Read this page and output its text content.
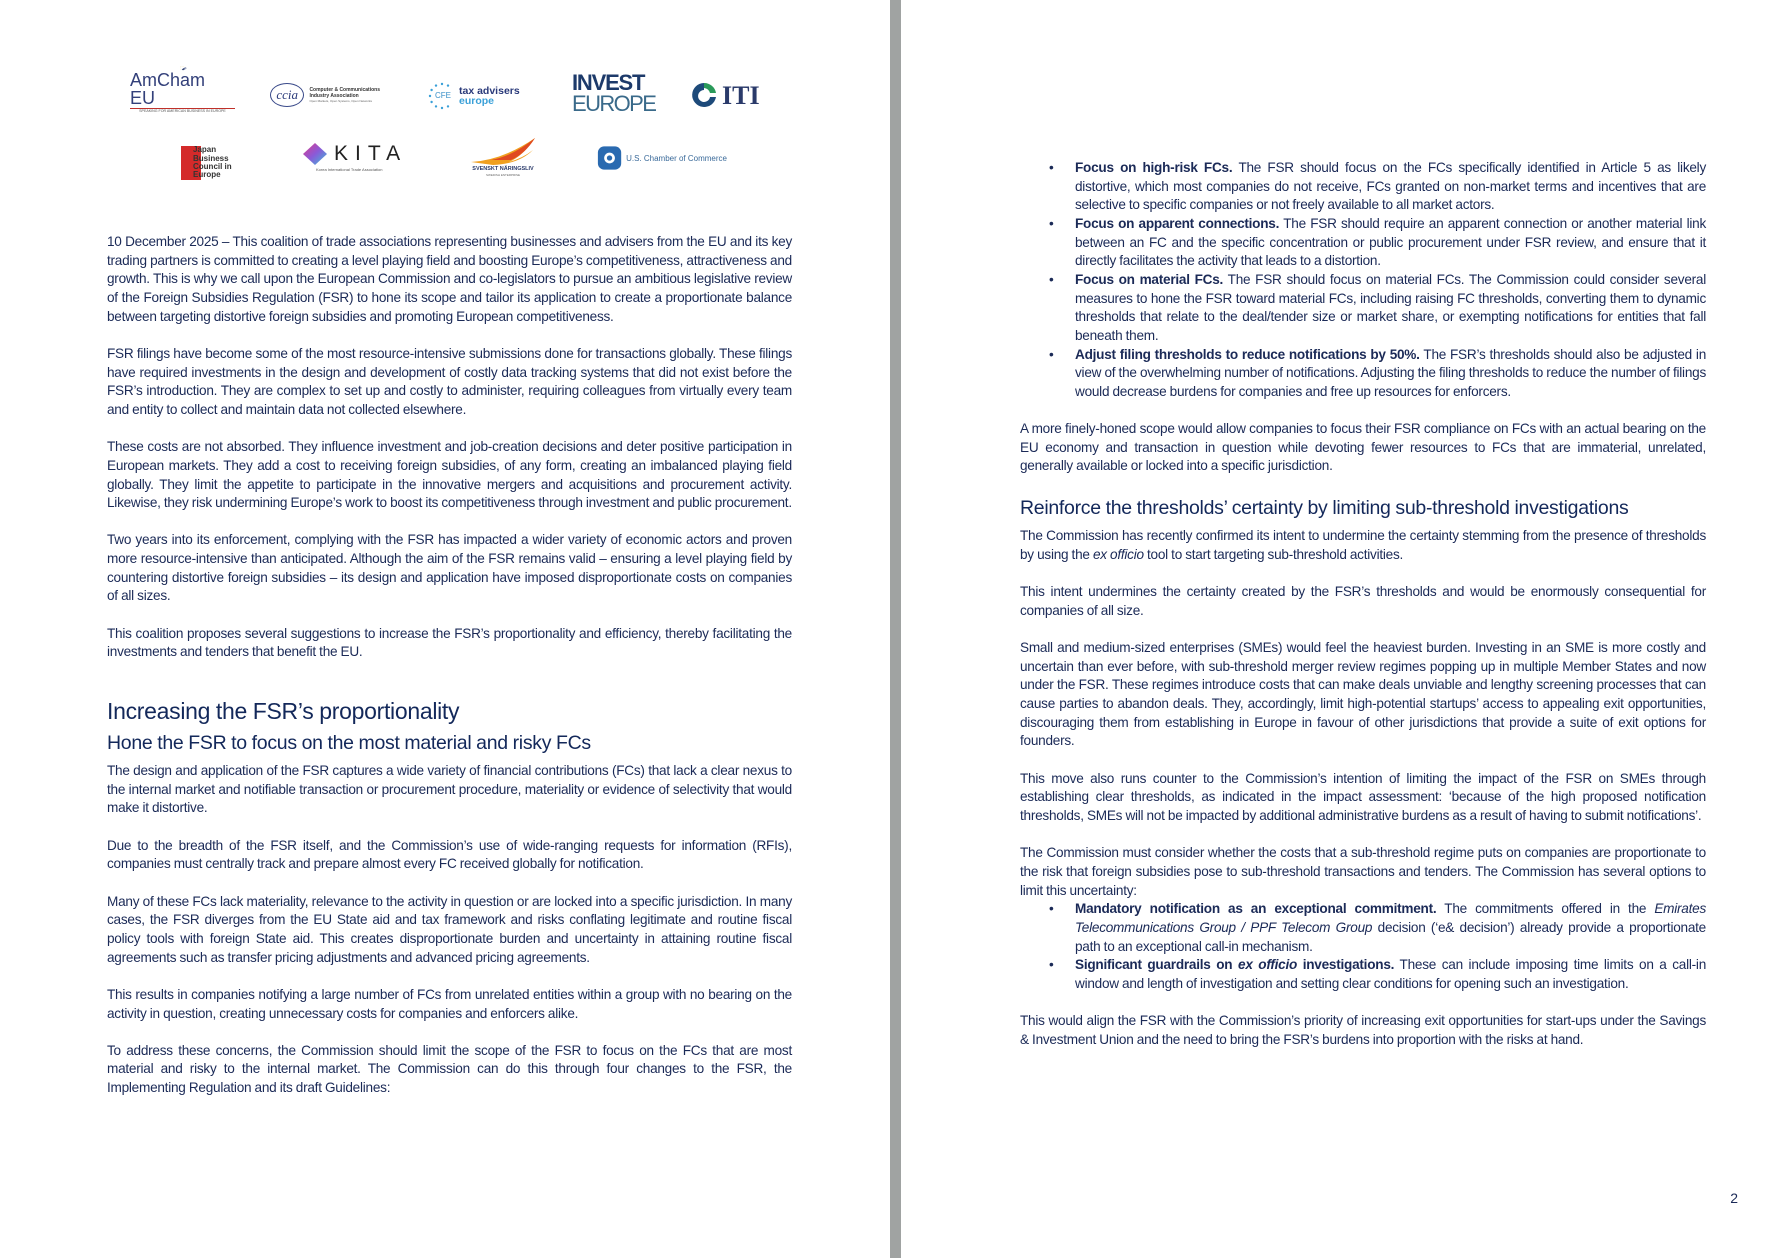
AmCham EU
SPEAKING FOR AMERICAN BUSINESS IN EUROPE
ccia	Computer & Communications
Industry Association
Open Markets, Open Systems, Open Networks
CFE tax advisers
europe
INVEST
EUROPE	ITI
Japan
Business
Council in
Europe
KITA
Korea International Trade Association	SVENSKT NÄRINGSLIV
SWEDISH ENTERPRISE
U.S. Chamber of Commerce

10 December 2025 – This coalition of trade associations representing businesses and advisers from the EU and its key trading partners is committed to creating a level playing field and boosting Europe’s competitiveness, attractiveness and growth. This is why we call upon the European Commission and co-legislators to pursue an ambitious legislative review of the Foreign Subsidies Regulation (FSR) to hone its scope and tailor its application to create a proportionate balance between targeting distortive foreign subsidies and promoting European competitiveness.

FSR filings have become some of the most resource-intensive submissions done for transactions globally. These filings have required investments in the design and development of costly data tracking systems that did not exist before the FSR’s introduction. They are complex to set up and costly to administer, requiring colleagues from virtually every team and entity to collect and maintain data not collected elsewhere.

These costs are not absorbed. They influence investment and job-creation decisions and deter positive participation in European markets. They add a cost to receiving foreign subsidies, of any form, creating an imbalanced playing field globally. They limit the appetite to participate in the innovative mergers and acquisitions and procurement activity. Likewise, they risk undermining Europe’s work to boost its competitiveness through investment and public procurement.

Two years into its enforcement, complying with the FSR has impacted a wider variety of economic actors and proven more resource-intensive than anticipated. Although the aim of the FSR remains valid – ensuring a level playing field by countering distortive foreign subsidies – its design and application have imposed disproportionate costs on companies of all sizes.

This coalition proposes several suggestions to increase the FSR’s proportionality and efficiency, thereby facilitating the investments and tenders that benefit the EU.

Increasing the FSR’s proportionality
Hone the FSR to focus on the most material and risky FCs

The design and application of the FSR captures a wide variety of financial contributions (FCs) that lack a clear nexus to the internal market and notifiable transaction or procurement procedure, materiality or evidence of selectivity that would make it distortive.

Due to the breadth of the FSR itself, and the Commission’s use of wide-ranging requests for information (RFIs), companies must centrally track and prepare almost every FC received globally for notification.

Many of these FCs lack materiality, relevance to the activity in question or are locked into a specific jurisdiction. In many cases, the FSR diverges from the EU State aid and tax framework and risks conflating legitimate and routine fiscal policy tools with foreign State aid. This creates disproportionate burden and uncertainty in attaining routine fiscal agreements such as transfer pricing adjustments and advanced pricing agreements.

This results in companies notifying a large number of FCs from unrelated entities within a group with no bearing on the activity in question, creating unnecessary costs for companies and enforcers alike.

To address these concerns, the Commission should limit the scope of the FSR to focus on the FCs that are most material and risky to the internal market. The Commission can do this through four changes to the FSR, the Implementing Regulation and its draft Guidelines:

• Focus on high-risk FCs. The FSR should focus on the FCs specifically identified in Article 5 as likely distortive, which most companies do not receive, FCs granted on non-market terms and incentives that are selective to specific companies or not freely available to all market actors.
• Focus on apparent connections. The FSR should require an apparent connection or another material link between an FC and the specific concentration or public procurement under FSR review, and ensure that it directly facilitates the activity that leads to a distortion.
• Focus on material FCs. The FSR should focus on material FCs. The Commission could consider several measures to hone the FSR toward material FCs, including raising FC thresholds, converting them to dynamic thresholds that relate to the deal/tender size or market share, or exempting notifications for entities that fall beneath them.
• Adjust filing thresholds to reduce notifications by 50%. The FSR’s thresholds should also be adjusted in view of the overwhelming number of notifications. Adjusting the filing thresholds to reduce the number of filings would decrease burdens for companies and free up resources for enforcers.

A more finely-honed scope would allow companies to focus their FSR compliance on FCs with an actual bearing on the EU economy and transaction in question while devoting fewer resources to FCs that are immaterial, unrelated, generally available or locked into a specific jurisdiction.

Reinforce the thresholds’ certainty by limiting sub-threshold investigations

The Commission has recently confirmed its intent to undermine the certainty stemming from the presence of thresholds by using the ex officio tool to start targeting sub-threshold activities.

This intent undermines the certainty created by the FSR’s thresholds and would be enormously consequential for companies of all size.

Small and medium-sized enterprises (SMEs) would feel the heaviest burden. Investing in an SME is more costly and uncertain than ever before, with sub-threshold merger review regimes popping up in multiple Member States and now under the FSR. These regimes introduce costs that can make deals unviable and lengthy screening processes that can cause parties to abandon deals. They, accordingly, limit high-potential startups’ access to appealing exit opportunities, discouraging them from establishing in Europe in favour of other jurisdictions that provide a suite of exit options for founders.

This move also runs counter to the Commission’s intention of limiting the impact of the FSR on SMEs through establishing clear thresholds, as indicated in the impact assessment: ‘because of the high proposed notification thresholds, SMEs will not be impacted by additional administrative burdens as a result of having to submit notifications’.

The Commission must consider whether the costs that a sub-threshold regime puts on companies are proportionate to the risk that foreign subsidies pose to sub-threshold transactions and tenders. The Commission has several options to limit this uncertainty:

• Mandatory notification as an exceptional commitment. The commitments offered in the Emirates Telecommunications Group / PPF Telecom Group decision (‘e& decision’) already provide a proportionate path to an exceptional call-in mechanism.
• Significant guardrails on ex officio investigations. These can include imposing time limits on a call-in window and length of investigation and setting clear conditions for opening such an investigation.

This would align the FSR with the Commission’s priority of increasing exit opportunities for start-ups under the Savings & Investment Union and the need to bring the FSR’s burdens into proportion with the risks at hand.

2
